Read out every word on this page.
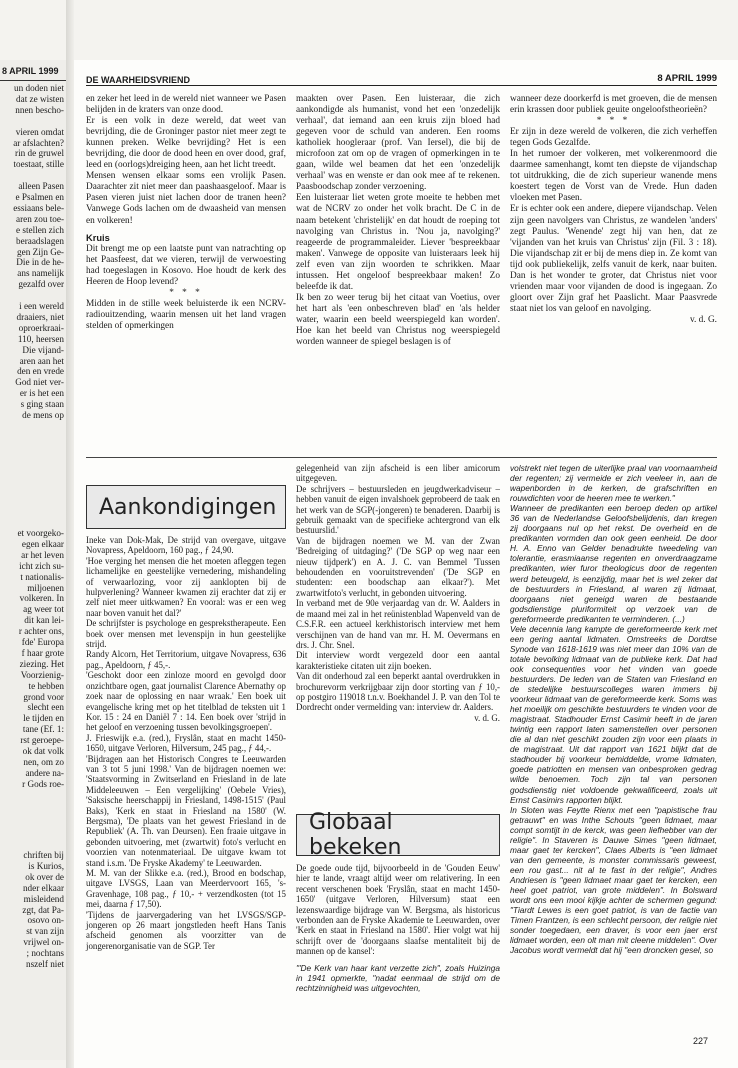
8 APRIL 1999
un doden niet
dat ze wisten
nnen bescho-
vieren omdat
ar afslachten?
rin de gruwel
toestaat, stille
alleen Pasen
e Psalmen en
essiaans bele-
aren zou toe-
e stellen zich
beraadslagen
gen Zijn Ge-
Die in de he-
ans namelijk
gezalfd over
i een wereld
draaiers, niet
oproerkraai-
110, heersen
Die vijand-
aren aan het
den en vrede
God niet ver-
er is het een
s ging staan
de mens op
et voorgeko-
egen elkaar
ar het leven
icht zich su-
t nationalis-
miljoenen
volkeren. In
ag weer tot
dit kan lei-
r achter ons,
fde' Europa
f haar grote
ziezing. Het
Voorzienig-
te hebben
grond voor
slecht een
le tijden en
tane (Ef. 1:
rst geroepe-
ok dat volk
nen, om zo
andere na-
r Gods roe-
chriften bij
is Kurios,
ok over de
nder elkaar
misleidend
zgt, dat Pa-
osovo on-
st van zijn
vrijwel on-
; nochtans
nszelf niet
DE WAARHEIDSVRIEND	8 APRIL 1999

en zeker het leed in de wereld niet wanneer we Pasen belijden in de kraters van onze dood.

Er is een volk in deze wereld, dat weet van bevrijding, die de Groninger pastor niet meer zegt te kunnen preken. Welke bevrijding? Het is een bevrijding, die door de dood heen en over dood, graf, leed en (oorlogs)dreiging heen, aan het licht treedt.

Mensen wensen elkaar soms een vrolijk Pasen. Daarachter zit niet meer dan paashaasgeloof. Maar is Pasen vieren juist niet lachen door de tranen heen? Vanwege Gods lachen om de dwaasheid van mensen en volkeren!

Kruis

Dit brengt me op een laatste punt van natrachting op het Paasfeest, dat we vieren, terwijl de verwoesting had toegeslagen in Kosovo. Hoe houdt de kerk des Heeren de Hoop levend?

* * *

Midden in de stille week beluisterde ik een NCRV-radiouitzending, waarin mensen uit het land vragen stelden of opmerkingen

maakten over Pasen. Een luisteraar, die zich aankondigde als humanist, vond het een 'onzedelijk verhaal', dat iemand aan een kruis zijn bloed had gegeven voor de schuld van anderen. Een rooms katholiek hoogleraar (prof. Van Iersel), die bij de microfoon zat om op de vragen of opmerkingen in te gaan, wilde wel beamen dat het een 'onzedelijk verhaal' was en wenste er dan ook mee af te rekenen. Paasboodschap zonder verzoening.

Een luisteraar liet weten grote moeite te hebben met wat de NCRV zo onder het volk bracht. De C in de naam betekent 'christelijk' en dat houdt de roeping tot navolging van Christus in. 'Nou ja, navolging?' reageerde de programmaleider. Liever 'bespreekbaar maken'. Vanwege de opposite van luisteraars leek hij zelf even van zijn woorden te schrikken. Maar intussen. Het ongeloof bespreekbaar maken! Zo beleefde ik dat.

Ik ben zo weer terug bij het citaat van Voetius, over het hart als 'een onbeschreven blad' en 'als helder water, waarin een beeld weerspiegeld kan worden'. Hoe kan het beeld van Christus nog weerspiegeld worden wanneer de spiegel beslagen is of

wanneer deze doorkerfd is met groeven, die de mensen erin krassen door publiek geuite ongeloofstheorieën?

* * *

Er zijn in deze wereld de volkeren, die zich verheffen tegen Gods Gezalfde.

In het rumoer der volkeren, met volkerenmoord die daarmee samenhangt, komt ten diepste de vijandschap tot uitdrukking, die de zich superieur wanende mens koestert tegen de Vorst van de Vrede. Hun daden vloeken met Pasen.

Er is echter ook een andere, diepere vijandschap. Velen zijn geen navolgers van Christus, ze wandelen 'anders' zegt Paulus. 'Wenende' zegt hij van hen, dat ze 'vijanden van het kruis van Christus' zijn (Fil. 3 : 18). Die vijandschap zit er bij de mens diep in. Ze komt van tijd ook publiekelijk, zelfs vanuit de kerk, naar buiten. Dan is het wonder te groter, dat Christus niet voor vrienden maar voor vijanden de dood is ingegaan. Zo gloort over Zijn graf het Paaslicht. Maar Paasvrede staat niet los van geloof en navolging.

v. d. G.

Aankondigingen

Ineke van Dok-Mak, De strijd van overgave, uitgave Novapress, Apeldoorn, 160 pag., ƒ 24,90.

'Hoe verging het mensen die het moeten afleggen tegen lichamelijke en geestelijke vernedering, mishandeling of verwaarlozing, voor zij aanklopten bij de hulpverlening? Wanneer kwamen zij erachter dat zij er zelf niet meer uitkwamen? En vooral: was er een weg naar boven vanuit het dal?'

De schrijfster is psychologe en gesprekstherapeute. Een boek over mensen met levenspijn in hun geestelijke strijd.

Randy Alcorn, Het Territorium, uitgave Novapress, 636 pag., Apeldoorn, ƒ 45,-.

'Geschokt door een zinloze moord en gevolgd door onzichtbare ogen, gaat journalist Clarence Abernathy op zoek naar de oplossing en naar wraak.' Een boek uit evangelische kring met op het titelblad de teksten uit 1 Kor. 15 : 24 en Daniël 7 : 14. Een boek over 'strijd in het geloof en verzoening tussen bevolkingsgroepen'.

J. Frieswijk e.a. (red.), Fryslân, staat en macht 1450-1650, uitgave Verloren, Hilversum, 245 pag., ƒ 44,-.

'Bijdragen aan het Historisch Congres te Leeuwarden van 3 tot 5 juni 1998.' Van de bijdragen noemen we: 'Staatsvorming in Zwitserland en Friesland in de late Middeleeuwen – Een vergelijking' (Oebele Vries), 'Saksische heerschappij in Friesland, 1498-1515' (Paul Baks), 'Kerk en staat in Friesland na 1580' (W. Bergsma), 'De plaats van het gewest Friesland in de Republiek' (A. Th. van Deursen). Een fraaie uitgave in gebonden uitvoering, met (zwartwit) foto's verlucht en voorzien van notenmateriaal. De uitgave kwam tot stand i.s.m. 'De Fryske Akademy' te Leeuwarden.

M. M. van der Slikke e.a. (red.), Brood en bodschap, uitgave LVSGS, Laan van Meerdervoort 165, 's-Gravenhage, 108 pag., ƒ 10,- + verzendkosten (tot 15 mei, daarna ƒ 17,50).

'Tijdens de jaarvergadering van het LVSGS/SGP-jongeren op 26 maart jongstleden heeft Hans Tanis afscheid genomen als voorzitter van de jongerenorganisatie van de SGP. Ter

gelegenheid van zijn afscheid is een liber amicorum uitgegeven.

De schrijvers – bestuursleden en jeugdwerkadviseur – hebben vanuit de eigen invalshoek geprobeerd de taak en het werk van de SGP(-jongeren) te benaderen. Daarbij is gebruik gemaakt van de specifieke achtergrond van elk bestuurslid.'

Van de bijdragen noemen we M. van der Zwan 'Bedreiging of uitdaging?' ('De SGP op weg naar een nieuw tijdperk') en A. J. C. van Bemmel 'Tussen behoudenden en vooruitstrevenden' ('De SGP en studenten: een boodschap aan elkaar?'). Met zwartwitfoto's verlucht, in gebonden uitvoering.

In verband met de 90e verjaardag van dr. W. Aalders in de maand mei zal in het reünistenblad Wapenveld van de C.S.F.R. een actueel kerkhistorisch interview met hem verschijnen van de hand van mr. H. M. Oevermans en drs. J. Chr. Snel.

Dit interview wordt vergezeld door een aantal karakteristieke citaten uit zijn boeken.

Van dit onderhoud zal een beperkt aantal overdrukken in brochurevorm verkrijgbaar zijn door storting van ƒ 10,- op postgiro 119018 t.n.v. Boekhandel J. P. van den Tol te Dordrecht onder vermelding van: interview dr. Aalders.

v. d. G.

Globaal bekeken

De goede oude tijd, bijvoorbeeld in de 'Gouden Eeuw' hier te lande, vraagt altijd weer om relativering. In een recent verschenen boek 'Fryslân, staat en macht 1450-1650' (uitgave Verloren, Hilversum) staat een lezenswaardige bijdrage van W. Bergsma, als historicus verbonden aan de Fryske Akademie te Leeuwarden, over 'Kerk en staat in Friesland na 1580'. Hier volgt wat hij schrijft over de 'doorgaans slaafse mentaliteit bij de mannen op de kansel':

'"De Kerk van haar kant verzette zich", zoals Huizinga in 1941 opmerkte, "nadat eenmaal de strijd om de rechtzinnigheid was uitgevochten,

volstrekt niet tegen de uiterlijke praal van voornaamheid der regenten; zij vermeide er zich veeleer in, aan de wapenborden in de kerken, de grafschriften en rouwdichten voor de heeren mee te werken."

Wanneer de predikanten een beroep deden op artikel 36 van de Nederlandse Geloofsbelijdenis, dan kregen zij doorgaans nul op het rekst. De overheid en de predikanten vormden dan ook geen eenheid. De door H. A. Enno van Gelder benadrukte tweedeling van tolerantie, erasmiaanse regenten en onverdraagzame predikanten, wier furor theologicus door de regenten werd beteugeld, is eenzijdig, maar het is wel zeker dat de bestuurders in Friesland, al waren zij lidmaat, doorgaans niet geneigd waren de bestaande godsdienstige pluriformiteit op verzoek van de gereformeerde predikanten te verminderen. (...)

Vele decennia lang kampte de gereformeerde kerk met een gering aantal lidmaten. Omstreeks de Dordtse Synode van 1618-1619 was niet meer dan 10% van de totale bevolking lidmaat van de publieke kerk. Dat had ook consequenties voor het vinden van goede bestuurders. De leden van de Staten van Friesland en de stedelijke bestuurscolleges waren immers bij voorkeur lidmaat van de gereformeerde kerk. Soms was het moeilijk om geschikte bestuurders te vinden voor de magistraat. Stadhouder Ernst Casimir heeft in de jaren twintig een rapport laten samenstellen over personen die al dan niet geschikt zouden zijn voor een plaats in de magistraat. Uit dat rapport van 1621 blijkt dat de stadhouder bij voorkeur bemiddelde, vrome lidmaten, goede patriotten en mensen van onbesproken gedrag wilde benoemen. Toch zijn tal van personen godsdienstig niet voldoende gekwalificeerd, zoals uit Ernst Casimirs rapporten blijkt.

In Sloten was Feytte Rienx met een "papistische frau getrauwt" en was Inthe Schouts "geen lidmaet, maar compt somtijt in de kerck, was geen liefhebber van der religie". In Staveren is Dauwe Simes "geen lidmaet, maar gaet ter kercken", Claes Alberts is "een lidmaet van den gemeente, is monster commissaris geweest, een rou gast... nit al te fast in der religie", Andres Andriesen is "geen lidmaet maar gaet ter kercken, een heel goet patriot, van grote middelen". In Bolsward wordt ons een mooi kijkje achter de schermen gegund: "Tiardt Lewes is een goet patriot, is van de factie van Timen Frantzen, is een schlecht persoon, der religie niet sonder toegedaen, een draver, is voor een jaer erst lidmaet worden, een olt man mit cleene middelen". Over Jacobus wordt vermeldt dat hij "een droncken gesel, so

227
